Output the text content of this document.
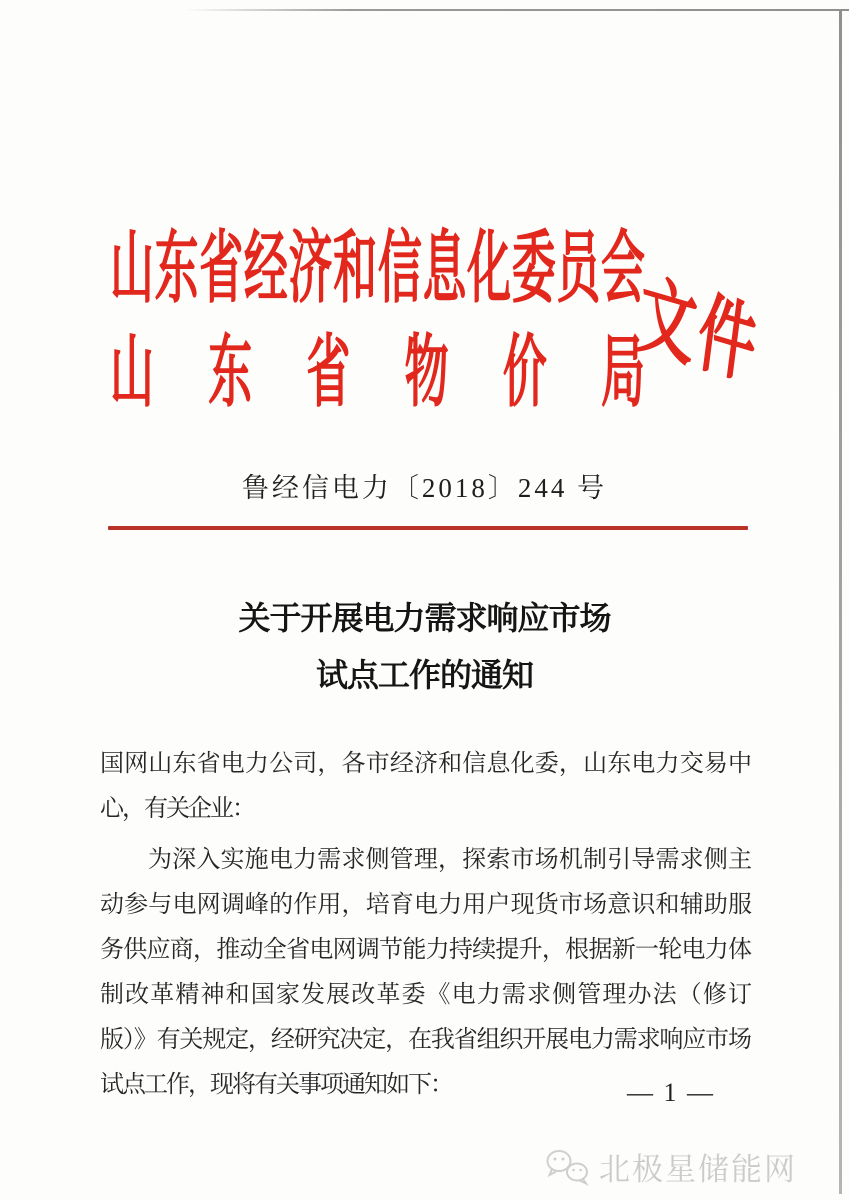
山东省经济和信息化委员会
山东省物价局
文件
鲁经信电力〔2018〕244 号
关于开展电力需求响应市场
试点工作的通知
国网山东省电力公司，各市经济和信息化委，山东电力交易中
心，有关企业：
为深入实施电力需求侧管理，探索市场机制引导需求侧主
动参与电网调峰的作用，培育电力用户现货市场意识和辅助服
务供应商，推动全省电网调节能力持续提升，根据新一轮电力体
制改革精神和国家发展改革委《电力需求侧管理办法（修订
版）》有关规定，经研究决定，在我省组织开展电力需求响应市场
试点工作，现将有关事项通知如下：	— 1 —
北极星储能网
